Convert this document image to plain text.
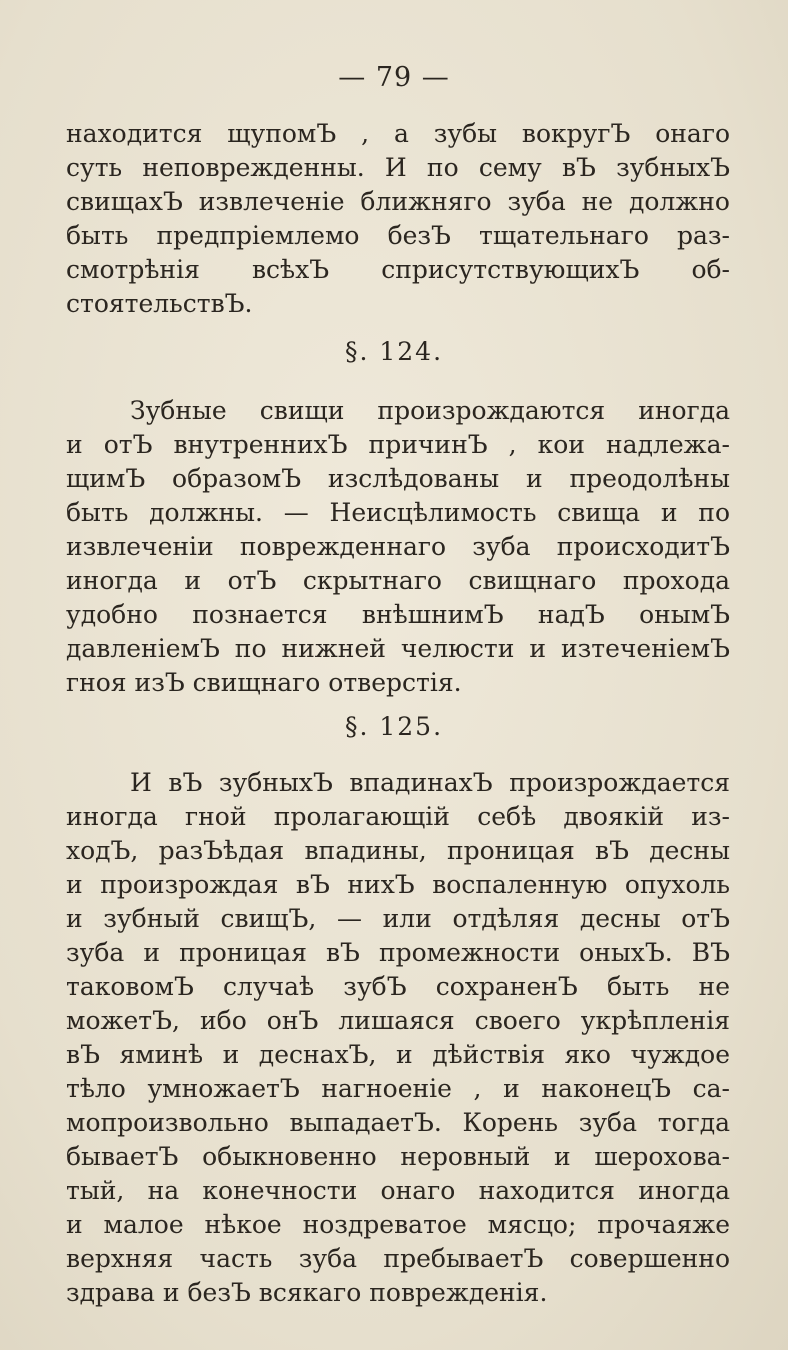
— 79 —
находится щупомЪ , а зубы вокругЪ онаго
суть неповрежденны. И по сему вЪ зубныхЪ
свищахЪ извлеченіе ближняго зуба не должно
быть предпріемлемо безЪ тщательнаго раз-
смотрѣнія всѣхЪ сприсутствующихЪ об-
стоятельствЪ.
§. 124.
Зубные свищи произрождаются иногда
и отЪ внутреннихЪ причинЪ , кои надлежа-
щимЪ образомЪ изслѣдованы и преодолѣны
быть должны. — Неисцѣлимость свища и по
извлеченіи поврежденнаго зуба происходитЪ
иногда и отЪ скрытнаго свищнаго прохода
удобно познается внѣшнимЪ надЪ онымЪ
давленіемЪ по нижней челюсти и изтеченіемЪ
гноя изЪ свищнаго отверстія.
§. 125.
И вЪ зубныхЪ впадинахЪ произрождается
иногда гной пролагающій себѣ двоякій из-
ходЪ, разЪѣдая впадины, проницая вЪ десны
и произрождая вЪ нихЪ воспаленную опухоль
и зубный свищЪ, — или отдѣляя десны отЪ
зуба и проницая вЪ промежности оныхЪ. ВЪ
таковомЪ случаѣ зубЪ сохраненЪ быть не
можетЪ, ибо онЪ лишаяся своего укрѣпленія
вЪ яминѣ и деснахЪ, и дѣйствія яко чуждое
тѣло умножаетЪ нагноеніе , и наконецЪ са-
мопроизвольно выпадаетЪ. Корень зуба тогда
бываетЪ обыкновенно неровный и шерохова-
тый, на конечности онаго находится иногда
и малое нѣкое ноздреватое мясцо; прочаяже
верхняя часть зуба пребываетЪ совершенно
здрава и безЪ всякаго поврежденія.
